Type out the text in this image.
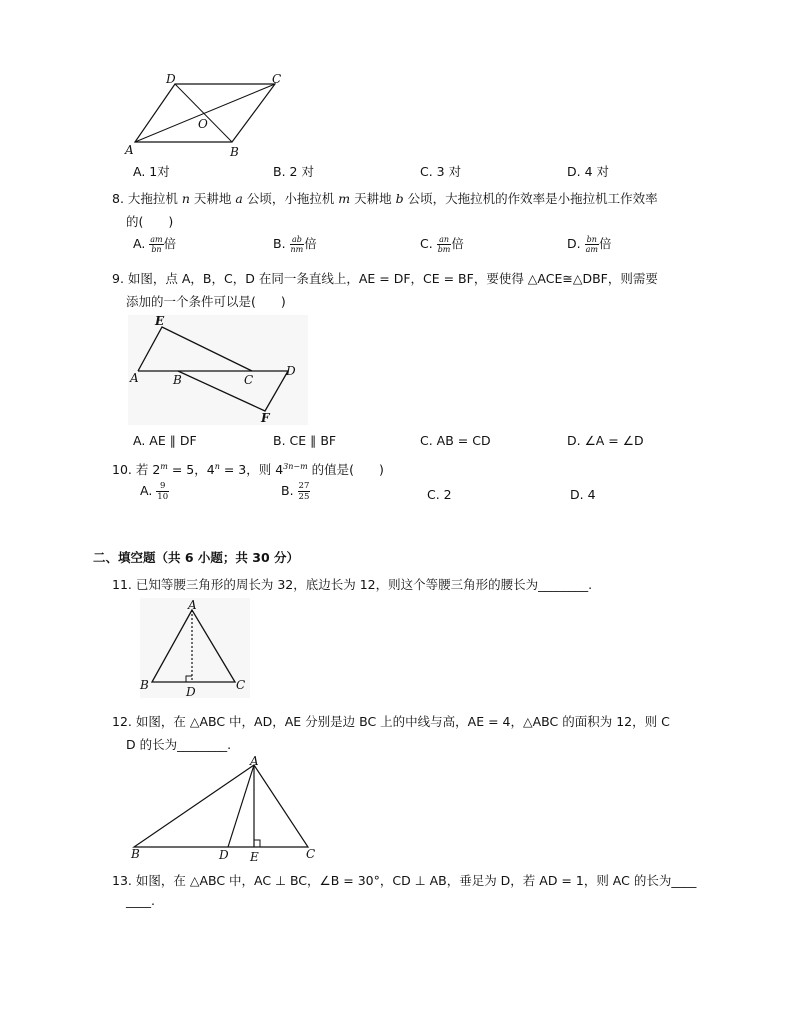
D	C
O
A	B
A. 1对	B. 2 对	C. 3 对	D. 4 对
8. 大拖拉机 n 天耕地 a 公顷，小拖拉机 m 天耕地 b 公顷，大拖拉机的作效率是小拖拉机工作效率
的(　　)
A. $\frac{am}{bn}$ 倍	B. $\frac{ab}{nm}$ 倍	C. $\frac{an}{bm}$ 倍	D. $\frac{bn}{am}$ 倍
9. 如图，点 A，B，C，D 在同一条直线上，AE = DF，CE = BF，要使得 △ACE≅△DBF，则需要
添加的一个条件可以是(　　)
E
A	B	C
D
F
A. AE ∥ DF	B. CE ∥ BF	C. AB = CD	D. ∠A = ∠D
10. 若 $2^m = 5$，$4^n = 3$，则 $4^{3n-m}$ 的值是(　　)
A. $\frac{9}{10}$	B. $\frac{27}{25}$	C. 2	D. 4
二、填空题（共 6 小题；共 30 分）
11. 已知等腰三角形的周长为 32，底边长为 12，则这个等腰三角形的腰长为________.
A
B	D	C
12. 如图，在 △ABC 中，AD，AE 分别是边 BC 上的中线与高，AE = 4，△ABC 的面积为 12，则 C
D 的长为________.
A
B	D E	C
13. 如图，在 △ABC 中，AC ⊥ BC，∠B = 30°，CD ⊥ AB，垂足为 D，若 AD = 1，则 AC 的长为____
____.
